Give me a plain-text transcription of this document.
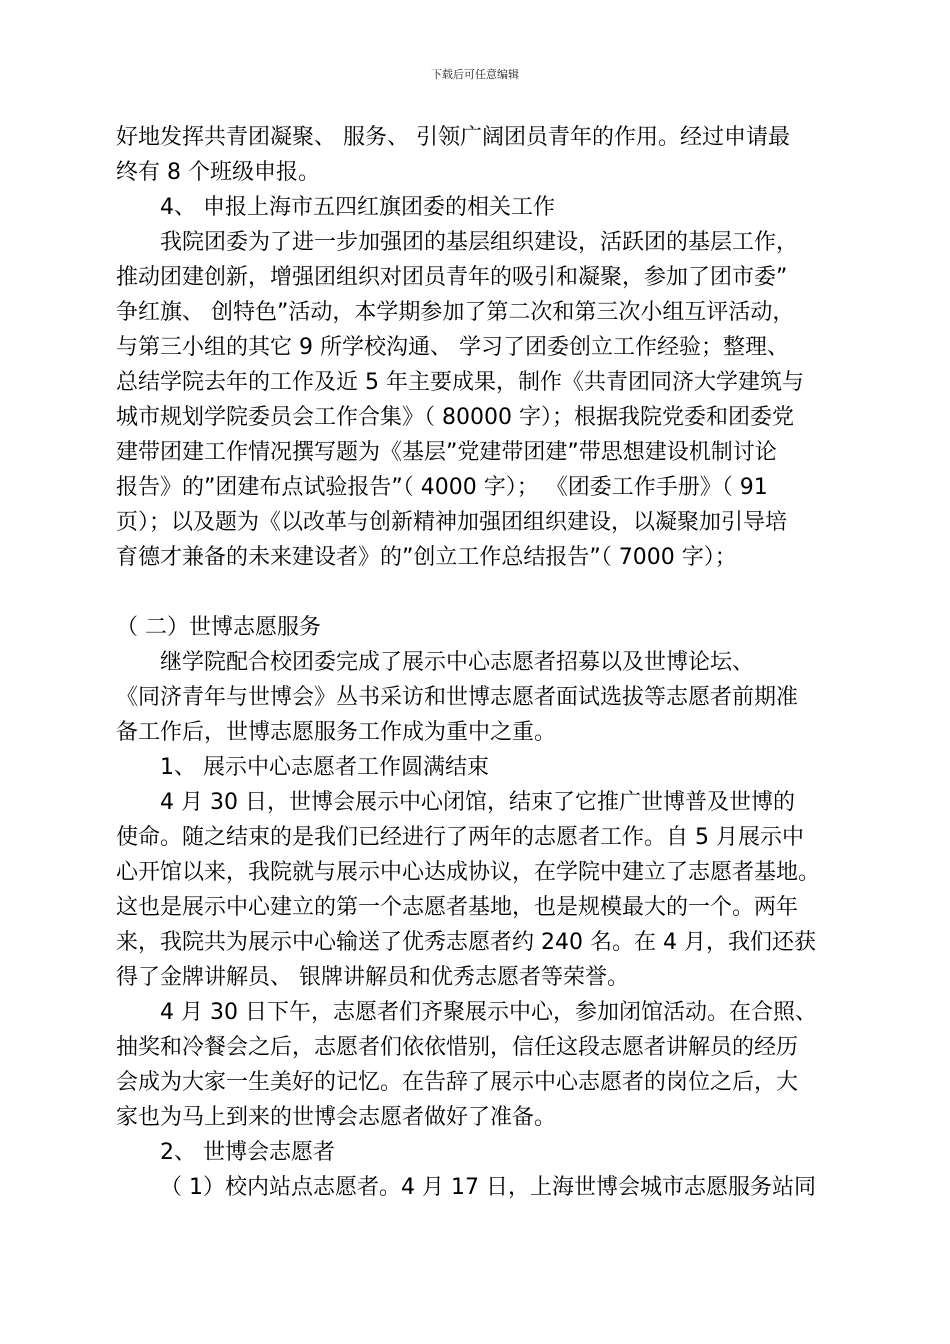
下载后可任意编辑
好地发挥共青团凝聚、 服务、 引领广阔团员青年的作用。经过申请最
终有 8 个班级申报。
4、 申报上海市五四红旗团委的相关工作
我院团委为了进一步加强团的基层组织建设，活跃团的基层工作，
推动团建创新，增强团组织对团员青年的吸引和凝聚，参加了团市委”
争红旗、 创特色”活动，本学期参加了第二次和第三次小组互评活动，
与第三小组的其它 9 所学校沟通、 学习了团委创立工作经验；整理、
总结学院去年的工作及近 5 年主要成果，制作《共青团同济大学建筑与
城市规划学院委员会工作合集》（ 80000 字）；根据我院党委和团委党
建带团建工作情况撰写题为《基层”党建带团建”带思想建设机制讨论
报告》的”团建布点试验报告”（ 4000 字）； 《团委工作手册》（ 91
页）；以及题为《以改革与创新精神加强团组织建设，以凝聚加引导培
育德才兼备的未来建设者》的”创立工作总结报告”（ 7000 字）；
（ 二）世博志愿服务
继学院配合校团委完成了展示中心志愿者招募以及世博论坛、
《同济青年与世博会》丛书采访和世博志愿者面试选拔等志愿者前期准
备工作后，世博志愿服务工作成为重中之重。
1、 展示中心志愿者工作圆满结束
4 月 30 日，世博会展示中心闭馆，结束了它推广世博普及世博的
使命。随之结束的是我们已经进行了两年的志愿者工作。自 5 月展示中
心开馆以来，我院就与展示中心达成协议，在学院中建立了志愿者基地。
这也是展示中心建立的第一个志愿者基地，也是规模最大的一个。两年
来，我院共为展示中心输送了优秀志愿者约 240 名。在 4 月，我们还获
得了金牌讲解员、 银牌讲解员和优秀志愿者等荣誉。
4 月 30 日下午，志愿者们齐聚展示中心，参加闭馆活动。在合照、
抽奖和冷餐会之后，志愿者们依依惜别，信任这段志愿者讲解员的经历
会成为大家一生美好的记忆。在告辞了展示中心志愿者的岗位之后，大
家也为马上到来的世博会志愿者做好了准备。
2、 世博会志愿者
（ 1）校内站点志愿者。4 月 17 日，上海世博会城市志愿服务站同
